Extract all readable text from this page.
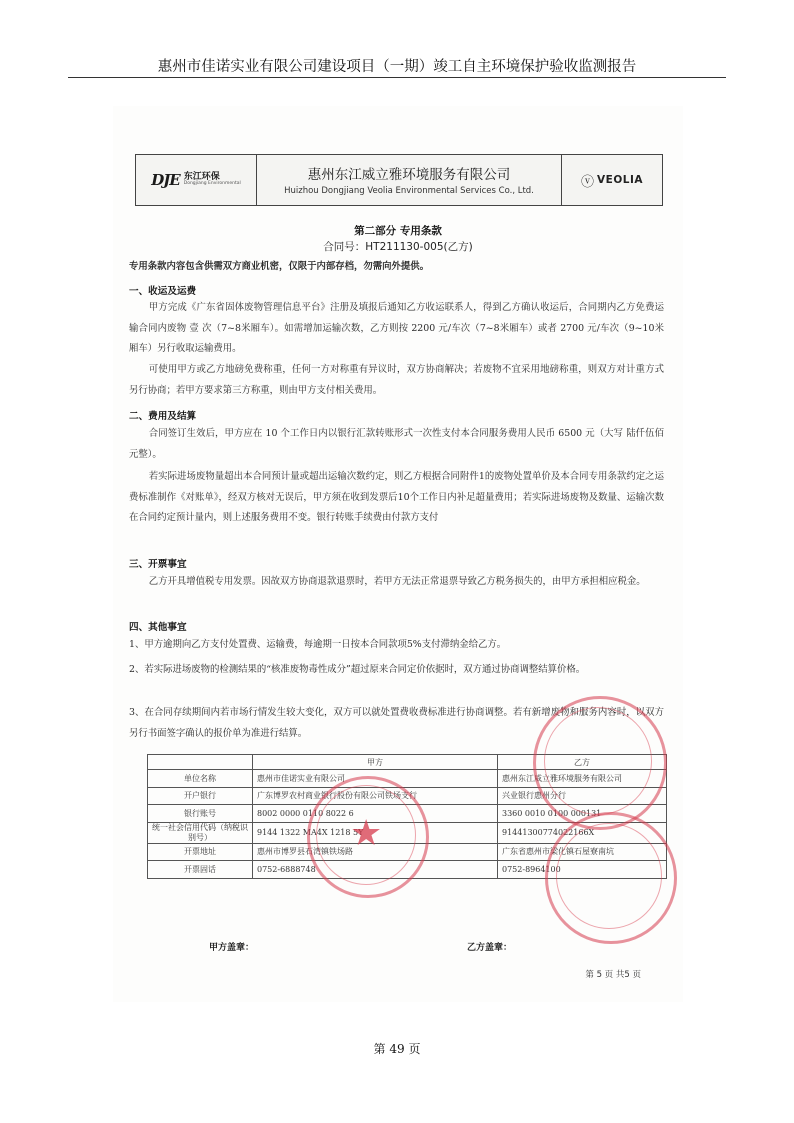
惠州市佳诺实业有限公司建设项目（一期）竣工自主环境保护验收监测报告
DJE 东江环保
Dongjiang Environmental
惠州东江威立雅环境服务有限公司
Huizhou Dongjiang Veolia Environmental Services Co., Ltd.
ⓥ VEOLIA
第二部分 专用条款
合同号：HT211130-005(乙方)
专用条款内容包含供需双方商业机密，仅限于内部存档，勿需向外提供。
一、收运及运费
甲方完成《广东省固体废物管理信息平台》注册及填报后通知乙方收运联系人，得到乙方确认收运后，合同期内乙方免费运输合同内废物 壹 次（7~8米厢车）。如需增加运输次数，乙方则按 2200 元/车次（7~8米厢车）或者 2700 元/车次（9~10米厢车）另行收取运输费用。
可使用甲方或乙方地磅免费称重，任何一方对称重有异议时，双方协商解决；若废物不宜采用地磅称重，则双方对计重方式另行协商；若甲方要求第三方称重，则由甲方支付相关费用。
二、费用及结算
合同签订生效后，甲方应在 10 个工作日内以银行汇款转账形式一次性支付本合同服务费用人民币 6500 元（大写 陆仟伍佰 元整）。
若实际进场废物量超出本合同预计量或超出运输次数约定，则乙方根据合同附件1的废物处置单价及本合同专用条款约定之运费标准制作《对账单》，经双方核对无误后，甲方须在收到发票后10个工作日内补足超量费用；若实际进场废物及数量、运输次数在合同约定预计量内，则上述服务费用不变。银行转账手续费由付款方支付
三、开票事宜
乙方开具增值税专用发票。因故双方协商退款退票时，若甲方无法正常退票导致乙方税务损失的，由甲方承担相应税金。
四、其他事宜
1、甲方逾期向乙方支付处置费、运输费，每逾期一日按本合同款项5%支付滞纳金给乙方。
2、若实际进场废物的检测结果的“核准废物毒性成分”超过原来合同定价依据时，双方通过协商调整结算价格。
3、在合同存续期间内若市场行情发生较大变化，双方可以就处置费收费标准进行协商调整。若有新增废物和服务内容时，以双方另行书面签字确认的报价单为准进行结算。
	甲方	乙方
单位名称	惠州市佳诺实业有限公司	惠州东江威立雅环境服务有限公司
开户银行	广东博罗农村商业银行股份有限公司铁场支行	兴业银行惠州分行
银行账号	8002 0000 0110 8022 6	3360 0010 0100 000131
统一社会信用代码（纳税识别号）	9144 1322 MA4X 1218 5Y	91441300774022166X
开票地址	惠州市博罗县石湾镇铁场路	广东省惠州市梁化镇石屋寮南坑
开票固话	0752-6888748	0752-8964100
甲方盖章：	乙方盖章：
第 5 页 共5 页
★
第 49 页
